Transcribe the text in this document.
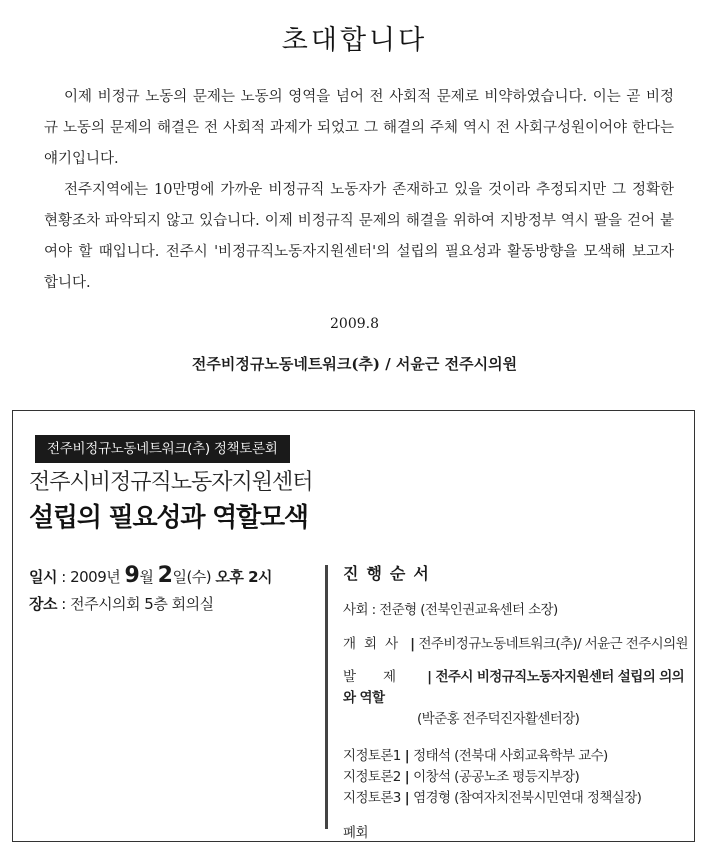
초대합니다

이제 비정규 노동의 문제는 노동의 영역을 넘어 전 사회적 문제로 비약하였습니다. 이는 곧 비정규 노동의 문제의 해결은 전 사회적 과제가 되었고 그 해결의 주체 역시 전 사회구성원이어야 한다는 얘기입니다.

전주지역에는 10만명에 가까운 비정규직 노동자가 존재하고 있을 것이라 추정되지만 그 정확한 현황조차 파악되지 않고 있습니다. 이제 비정규직 문제의 해결을 위하여 지방정부 역시 팔을 걷어 붙여야 할 때입니다. 전주시 '비정규직노동자지원센터'의 설립의 필요성과 활동방향을 모색해 보고자 합니다.

2009.8
전주비정규노동네트워크(추) / 서윤근 전주시의원
전주비정규노동네트워크(추) 정책토론회
전주시비정규직노동자지원센터
설립의 필요성과 역할모색
일시 : 2009년 9월 2일(수) 오후 2시
장소 : 전주시의회 5층 회의실
진행순서
사회 : 전준형 (전북인권교육센터 소장)
개회사 | 전주비정규노동네트워크(추)/ 서윤근 전주시의원
발제 | 전주시 비정규직노동자지원센터 설립의 의의와 역할
(박준홍 전주덕진자활센터장)
지정토론1 | 정태석 (전북대 사회교육학부 교수)
지정토론2 | 이창석 (공공노조 평등지부장)
지정토론3 | 염경형 (참여자치전북시민연대 정책실장)
폐회
